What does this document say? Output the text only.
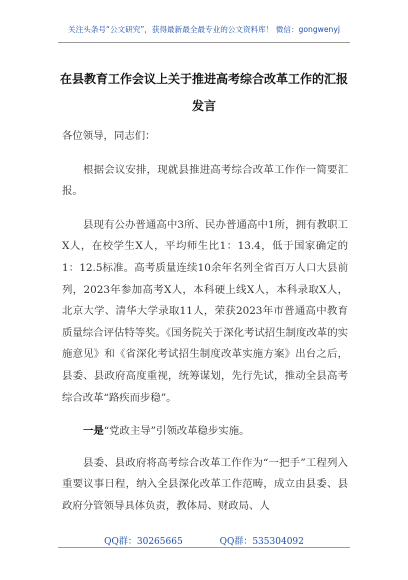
关注头条号“公文研究”，获得最新最全最专业的公文资料库！ 微信：gongwenyj
在县教育工作会议上关于推进高考综合改革工作的汇报发言

各位领导，同志们：

根据会议安排，现就县推进高考综合改革工作作一简要汇报。

县现有公办普通高中3所、民办普通高中1所，拥有教职工X人，在校学生X人，平均师生比1：13.4，低于国家确定的1：12.5标准。高考质量连续10余年名列全省百万人口大县前列，2023年参加高考X人，本科硬上线X人，本科录取X人，北京大学、清华大学录取11人，荣获2023年市普通高中教育质量综合评估特等奖。《国务院关于深化考试招生制度改革的实施意见》和《省深化考试招生制度改革实施方案》出台之后，县委、县政府高度重视，统筹谋划，先行先试，推动全县高考综合改革“路疾而步稳”。

一是“党政主导”引领改革稳步实施。

县委、县政府将高考综合改革工作作为“一把手”工程列入重要议事日程，纳入全县深化改革工作范畴，成立由县委、县政府分管领导具体负责，教体局、财政局、人

QQ群：30265665	QQ群：535304092
